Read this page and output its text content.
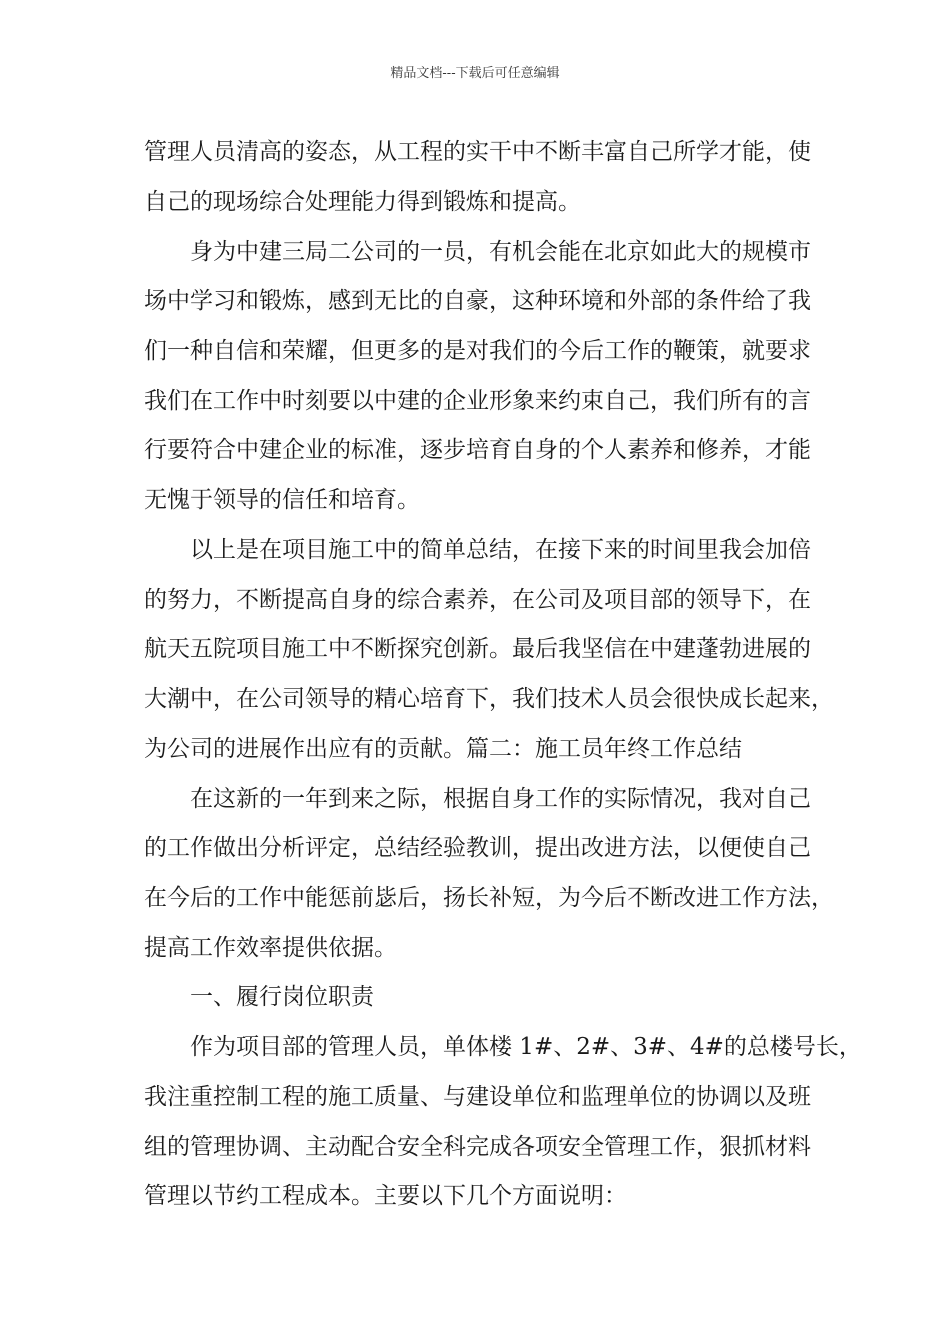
精品文档---下载后可任意编辑
管理人员清高的姿态，从工程的实干中不断丰富自己所学才能，使
自己的现场综合处理能力得到锻炼和提高。
身为中建三局二公司的一员，有机会能在北京如此大的规模市
场中学习和锻炼，感到无比的自豪，这种环境和外部的条件给了我
们一种自信和荣耀，但更多的是对我们的今后工作的鞭策，就要求
我们在工作中时刻要以中建的企业形象来约束自己，我们所有的言
行要符合中建企业的标准，逐步培育自身的个人素养和修养，才能
无愧于领导的信任和培育。
以上是在项目施工中的简单总结，在接下来的时间里我会加倍
的努力，不断提高自身的综合素养，在公司及项目部的领导下，在
航天五院项目施工中不断探究创新。最后我坚信在中建蓬勃进展的
大潮中，在公司领导的精心培育下，我们技术人员会很快成长起来，
为公司的进展作出应有的贡献。篇二：施工员年终工作总结
在这新的一年到来之际，根据自身工作的实际情况，我对自己
的工作做出分析评定，总结经验教训，提出改进方法，以便使自己
在今后的工作中能惩前毖后，扬长补短，为今后不断改进工作方法，
提高工作效率提供依据。
一、履行岗位职责
作为项目部的管理人员，单体楼 1#、2#、3#、4#的总楼号长，
我注重控制工程的施工质量、与建设单位和监理单位的协调以及班
组的管理协调、主动配合安全科完成各项安全管理工作，狠抓材料
管理以节约工程成本。主要以下几个方面说明：
